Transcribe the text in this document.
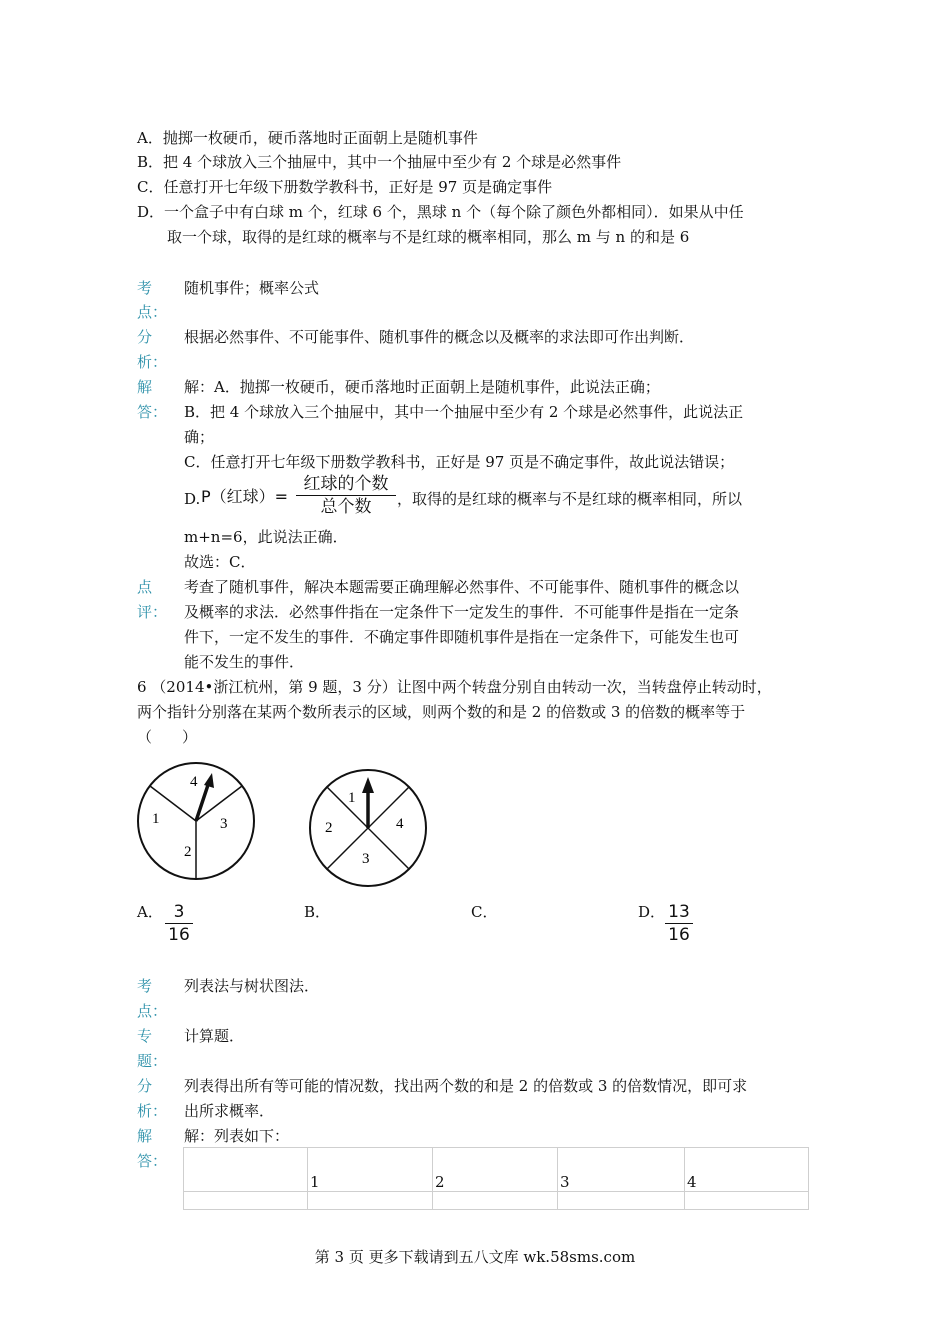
A．抛掷一枚硬币，硬币落地时正面朝上是随机事件
B．把 4 个球放入三个抽屉中，其中一个抽屉中至少有 2 个球是必然事件
C．任意打开七年级下册数学教科书，正好是 97 页是确定事件
D．一个盒子中有白球 m 个，红球 6 个，黑球 n 个（每个除了颜色外都相同）．如果从中任
取一个球，取得的是红球的概率与不是红球的概率相同，那么 m 与 n 的和是 6
考
点：
随机事件；概率公式
分
析：
根据必然事件、不可能事件、随机事件的概念以及概率的求法即可作出判断．
解
答：
解：A．抛掷一枚硬币，硬币落地时正面朝上是随机事件，此说法正确；
B．把 4 个球放入三个抽屉中，其中一个抽屉中至少有 2 个球是必然事件，此说法正
确；
C．任意打开七年级下册数学教科书，正好是 97 页是不确定事件，故此说法错误；
D. P（红球）=
红球的个数
总个数	，取得的是红球的概率与不是红球的概率相同，所以
m+n=6，此说法正确．
故选：C．
点
评：
考查了随机事件，解决本题需要正确理解必然事件、不可能事件、随机事件的概念以
及概率的求法．必然事件指在一定条件下一定发生的事件．不可能事件是指在一定条
件下，一定不发生的事件．不确定事件即随机事件是指在一定条件下，可能发生也可
能不发生的事件．
6 （2014•浙江杭州，第 9 题，3 分）让图中两个转盘分别自由转动一次，当转盘停止转动时，
两个指针分别落在某两个数所表示的区域，则两个数的和是 2 的倍数或 3 的倍数的概率等于
（　　）
4
3
2
1
1
4
3
2
A． 3
16
B．	C．	D． 13
16
考
点：
列表法与树状图法．
专
题：
计算题．
分
析：
列表得出所有等可能的情况数，找出两个数的和是 2 的倍数或 3 的倍数情况，即可求
出所求概率．
解
答：
解：列表如下：
	1	2	3	4

第 3 页 更多下载请到五八文库 wk.58sms.com
